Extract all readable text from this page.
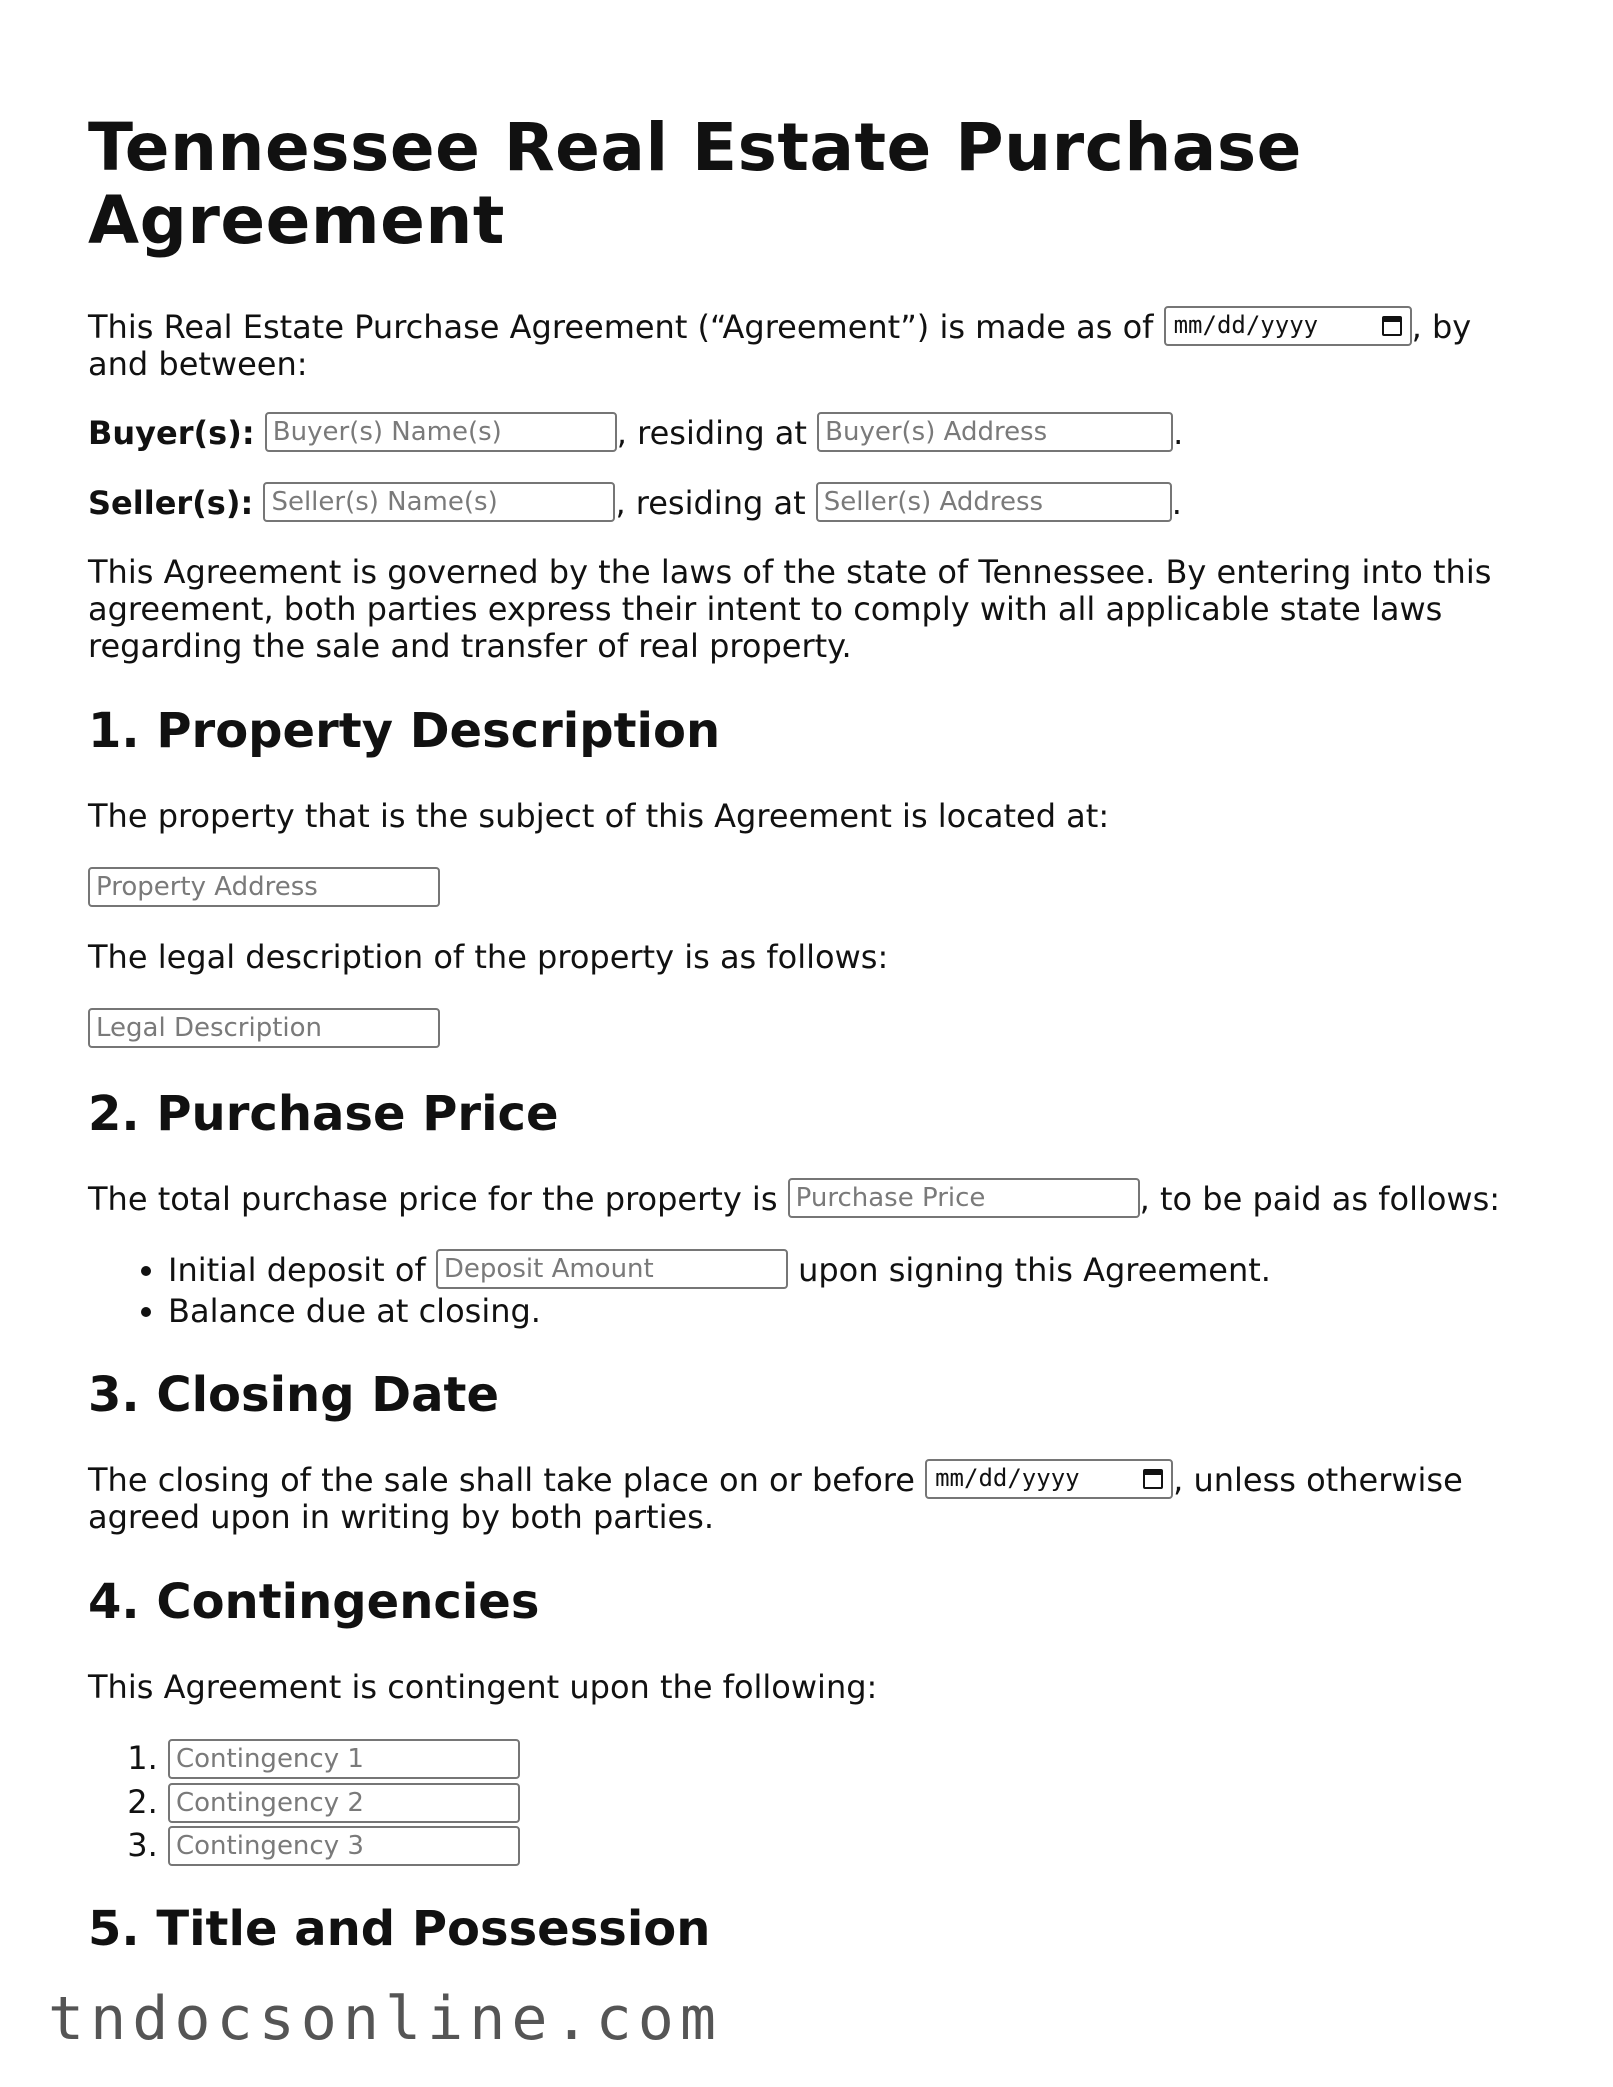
Tennessee Real Estate Purchase Agreement

This Real Estate Purchase Agreement (“Agreement”) is made as of mm/dd/yyyy	, by and between:

Buyer(s): Buyer(s) Name(s)	, residing at Buyer(s) Address	.

Seller(s): Seller(s) Name(s)	, residing at Seller(s) Address	.

This Agreement is governed by the laws of the state of Tennessee. By entering into this agreement, both parties express their intent to comply with all applicable state laws regarding the sale and transfer of real property.

1. Property Description

The property that is the subject of this Agreement is located at:

Property Address

The legal description of the property is as follows:

Legal Description
2. Purchase Price

The total purchase price for the property is Purchase Price	, to be paid as follows:

• Initial deposit of Deposit Amount	upon signing this Agreement.
• Balance due at closing.
3. Closing Date

The closing of the sale shall take place on or before mm/dd/yyyy	, unless otherwise agreed upon in writing by both parties.

4. Contingencies

This Agreement is contingent upon the following:

1. Contingency 1
2. Contingency 2
3. Contingency 3
5. Title and Possession
tndocsonline.com
